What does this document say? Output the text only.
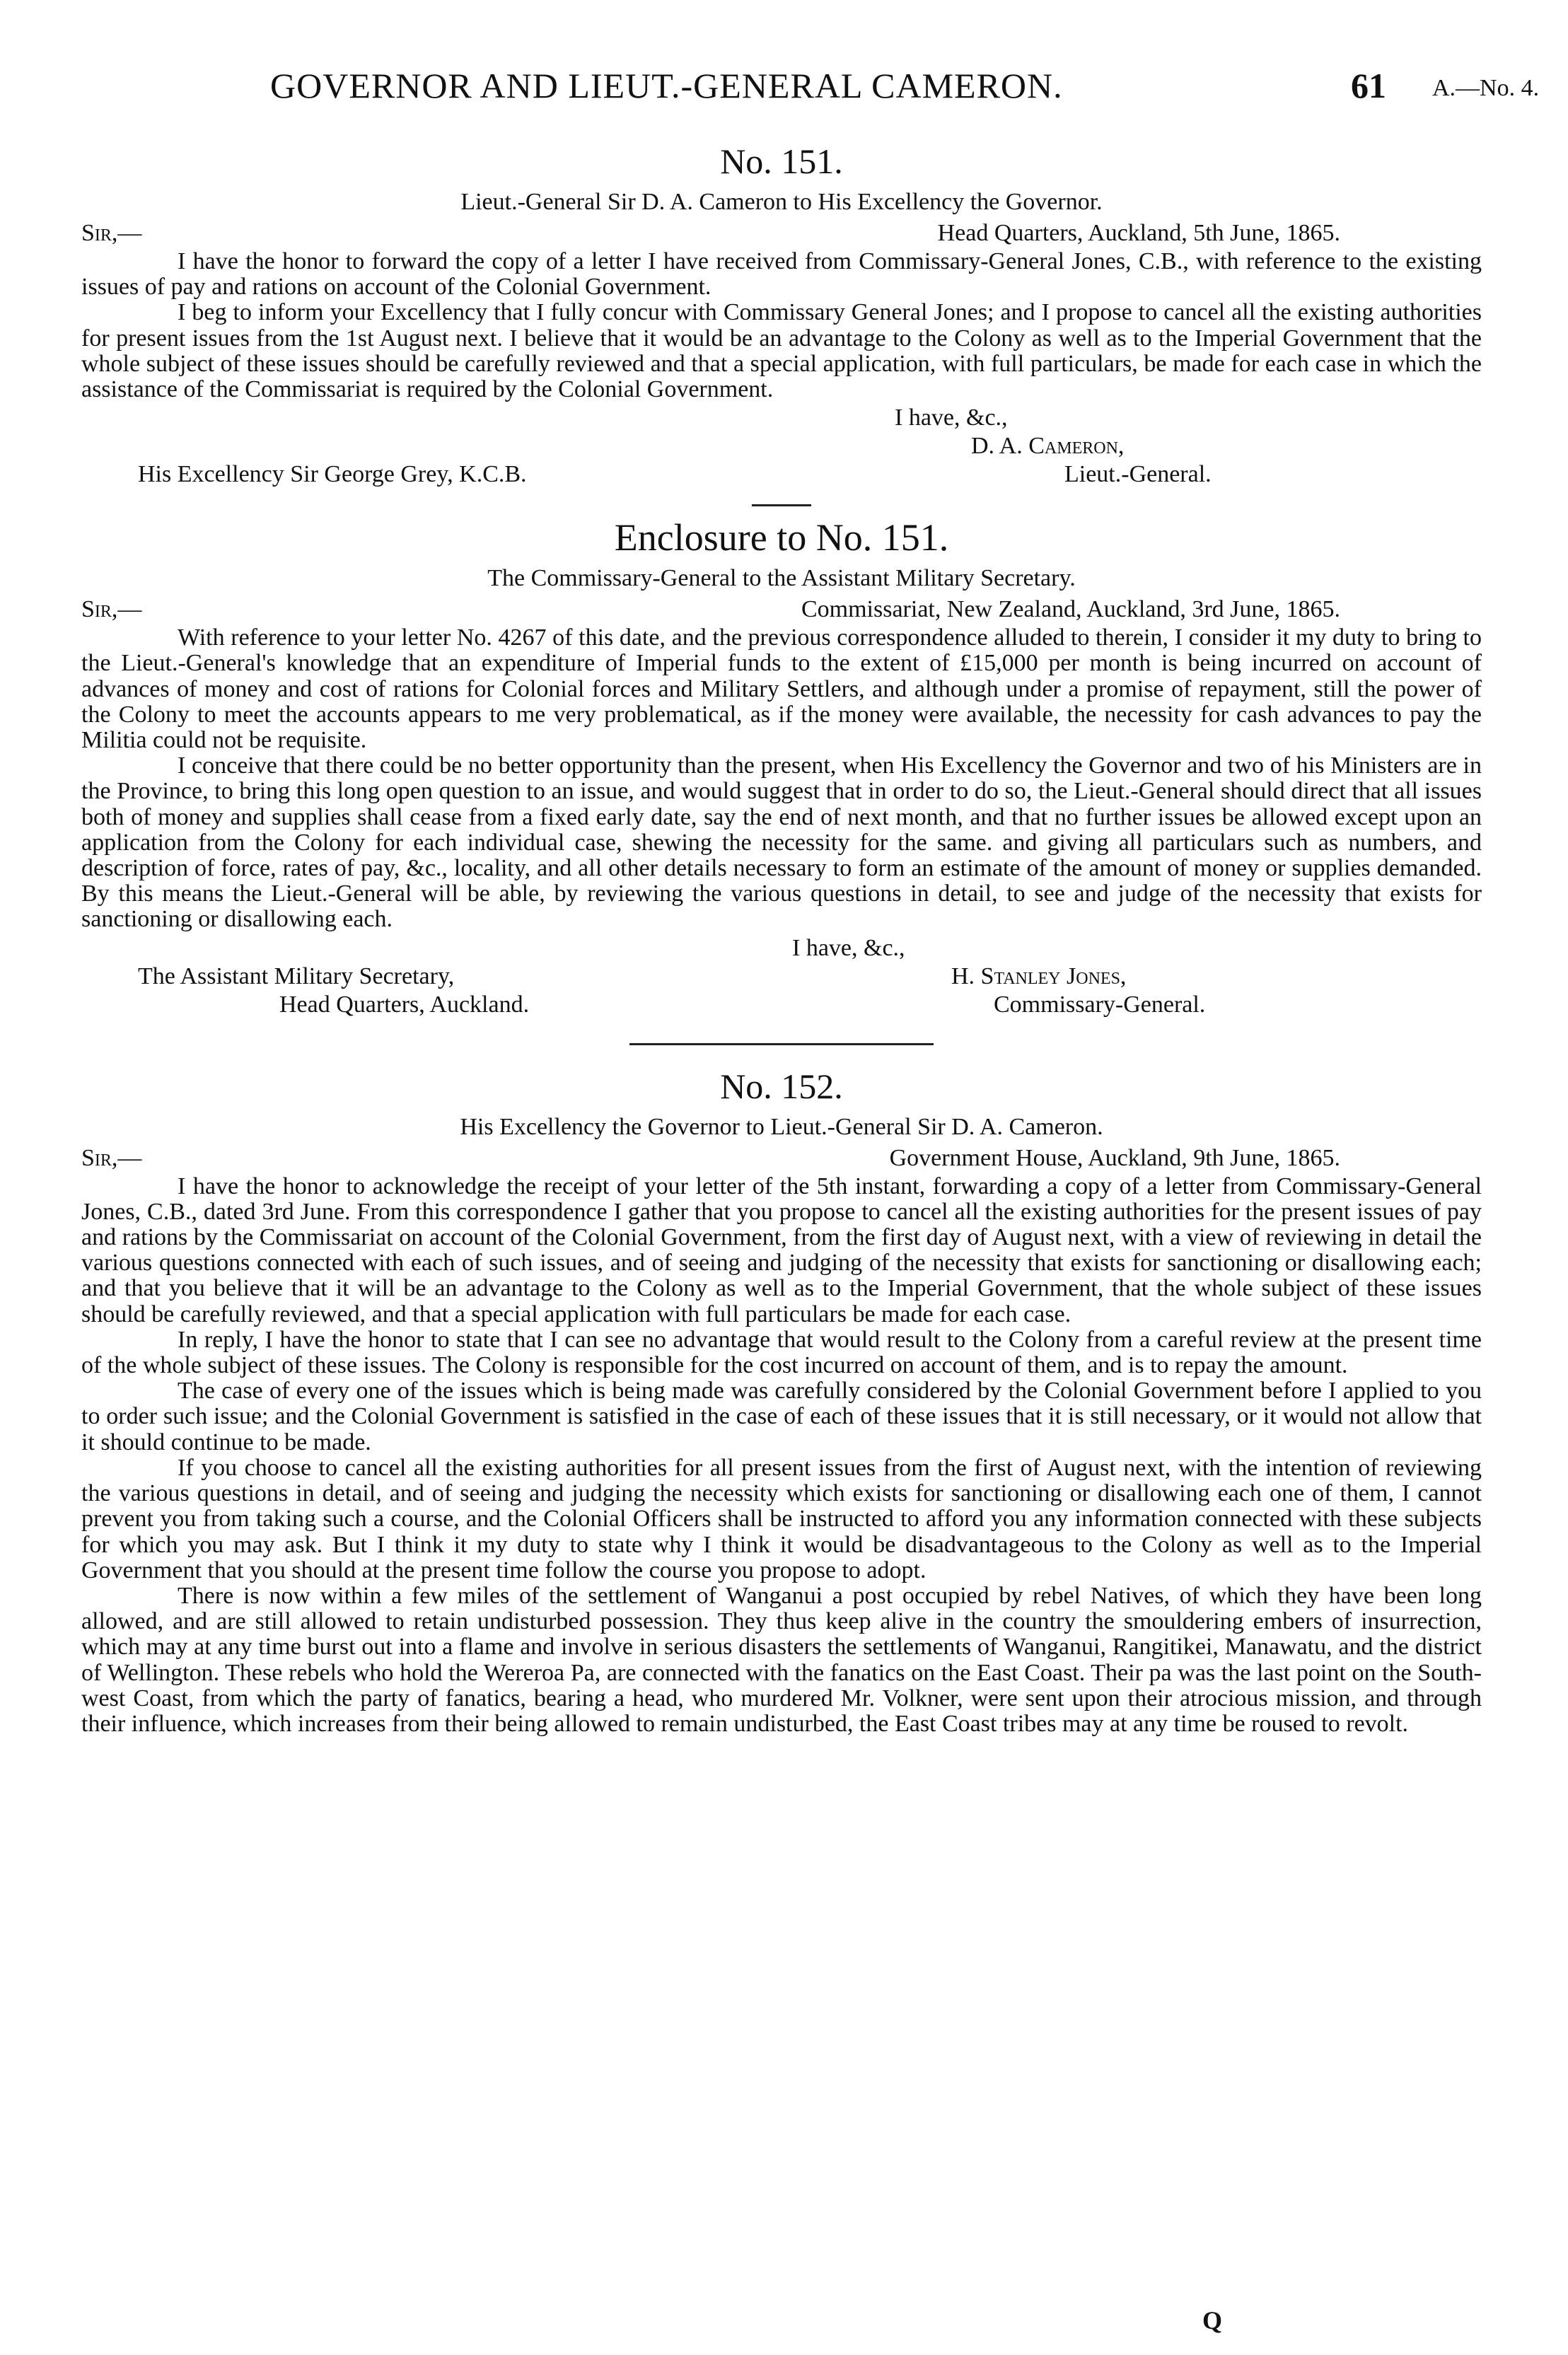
GOVERNOR AND LIEUT.-GENERAL CAMERON.	61 A.—No. 4.
No. 151.
Lieut.-General Sir D. A. Cameron to His Excellency the Governor.
Sir,—	Head Quarters, Auckland, 5th June, 1865.

I have the honor to forward the copy of a letter I have received from Commissary-General Jones, C.B., with reference to the existing issues of pay and rations on account of the Colonial Government.

I beg to inform your Excellency that I fully concur with Commissary General Jones; and I propose to cancel all the existing authorities for present issues from the 1st August next. I believe that it would be an advantage to the Colony as well as to the Imperial Government that the whole subject of these issues should be carefully reviewed and that a special application, with full particulars, be made for each case in which the assistance of the Commissariat is required by the Colonial Government.

I have, &c.,
D. A. Cameron,
His Excellency Sir George Grey, K.C.B.	Lieut.-General.
Enclosure to No. 151.
The Commissary-General to the Assistant Military Secretary.
Sir,—	Commissariat, New Zealand, Auckland, 3rd June, 1865.

With reference to your letter No. 4267 of this date, and the previous correspondence alluded to therein, I consider it my duty to bring to the Lieut.-General's knowledge that an expenditure of Imperial funds to the extent of £15,000 per month is being incurred on account of advances of money and cost of rations for Colonial forces and Military Settlers, and although under a promise of repayment, still the power of the Colony to meet the accounts appears to me very problematical, as if the money were available, the necessity for cash advances to pay the Militia could not be requisite.

I conceive that there could be no better opportunity than the present, when His Excellency the Governor and two of his Ministers are in the Province, to bring this long open question to an issue, and would suggest that in order to do so, the Lieut.-General should direct that all issues both of money and supplies shall cease from a fixed early date, say the end of next month, and that no further issues be allowed except upon an application from the Colony for each individual case, shewing the necessity for the same. and giving all particulars such as numbers, and description of force, rates of pay, &c., locality, and all other details necessary to form an estimate of the amount of money or supplies demanded. By this means the Lieut.-General will be able, by reviewing the various questions in detail, to see and judge of the necessity that exists for sanctioning or disallowing each.

I have, &c.,
The Assistant Military Secretary,	H. Stanley Jones,
Head Quarters, Auckland.	Commissary-General.
No. 152.
His Excellency the Governor to Lieut.-General Sir D. A. Cameron.
Sir,—	Government House, Auckland, 9th June, 1865.

I have the honor to acknowledge the receipt of your letter of the 5th instant, forwarding a copy of a letter from Commissary-General Jones, C.B., dated 3rd June. From this correspondence I gather that you propose to cancel all the existing authorities for the present issues of pay and rations by the Commissariat on account of the Colonial Government, from the first day of August next, with a view of reviewing in detail the various questions connected with each of such issues, and of seeing and judging of the necessity that exists for sanctioning or disallowing each; and that you believe that it will be an advantage to the Colony as well as to the Imperial Government, that the whole subject of these issues should be carefully reviewed, and that a special application with full particulars be made for each case.

In reply, I have the honor to state that I can see no advantage that would result to the Colony from a careful review at the present time of the whole subject of these issues. The Colony is responsible for the cost incurred on account of them, and is to repay the amount.

The case of every one of the issues which is being made was carefully considered by the Colonial Government before I applied to you to order such issue; and the Colonial Government is satisfied in the case of each of these issues that it is still necessary, or it would not allow that it should continue to be made.

If you choose to cancel all the existing authorities for all present issues from the first of August next, with the intention of reviewing the various questions in detail, and of seeing and judging the necessity which exists for sanctioning or disallowing each one of them, I cannot prevent you from taking such a course, and the Colonial Officers shall be instructed to afford you any information connected with these subjects for which you may ask. But I think it my duty to state why I think it would be disadvantageous to the Colony as well as to the Imperial Government that you should at the present time follow the course you propose to adopt.

There is now within a few miles of the settlement of Wanganui a post occupied by rebel Natives, of which they have been long allowed, and are still allowed to retain undisturbed possession. They thus keep alive in the country the smouldering embers of insurrection, which may at any time burst out into a flame and involve in serious disasters the settlements of Wanganui, Rangitikei, Manawatu, and the district of Wellington. These rebels who hold the Wereroa Pa, are connected with the fanatics on the East Coast. Their pa was the last point on the South-west Coast, from which the party of fanatics, bearing a head, who murdered Mr. Volkner, were sent upon their atrocious mission, and through their influence, which increases from their being allowed to remain undisturbed, the East Coast tribes may at any time be roused to revolt.

Q
